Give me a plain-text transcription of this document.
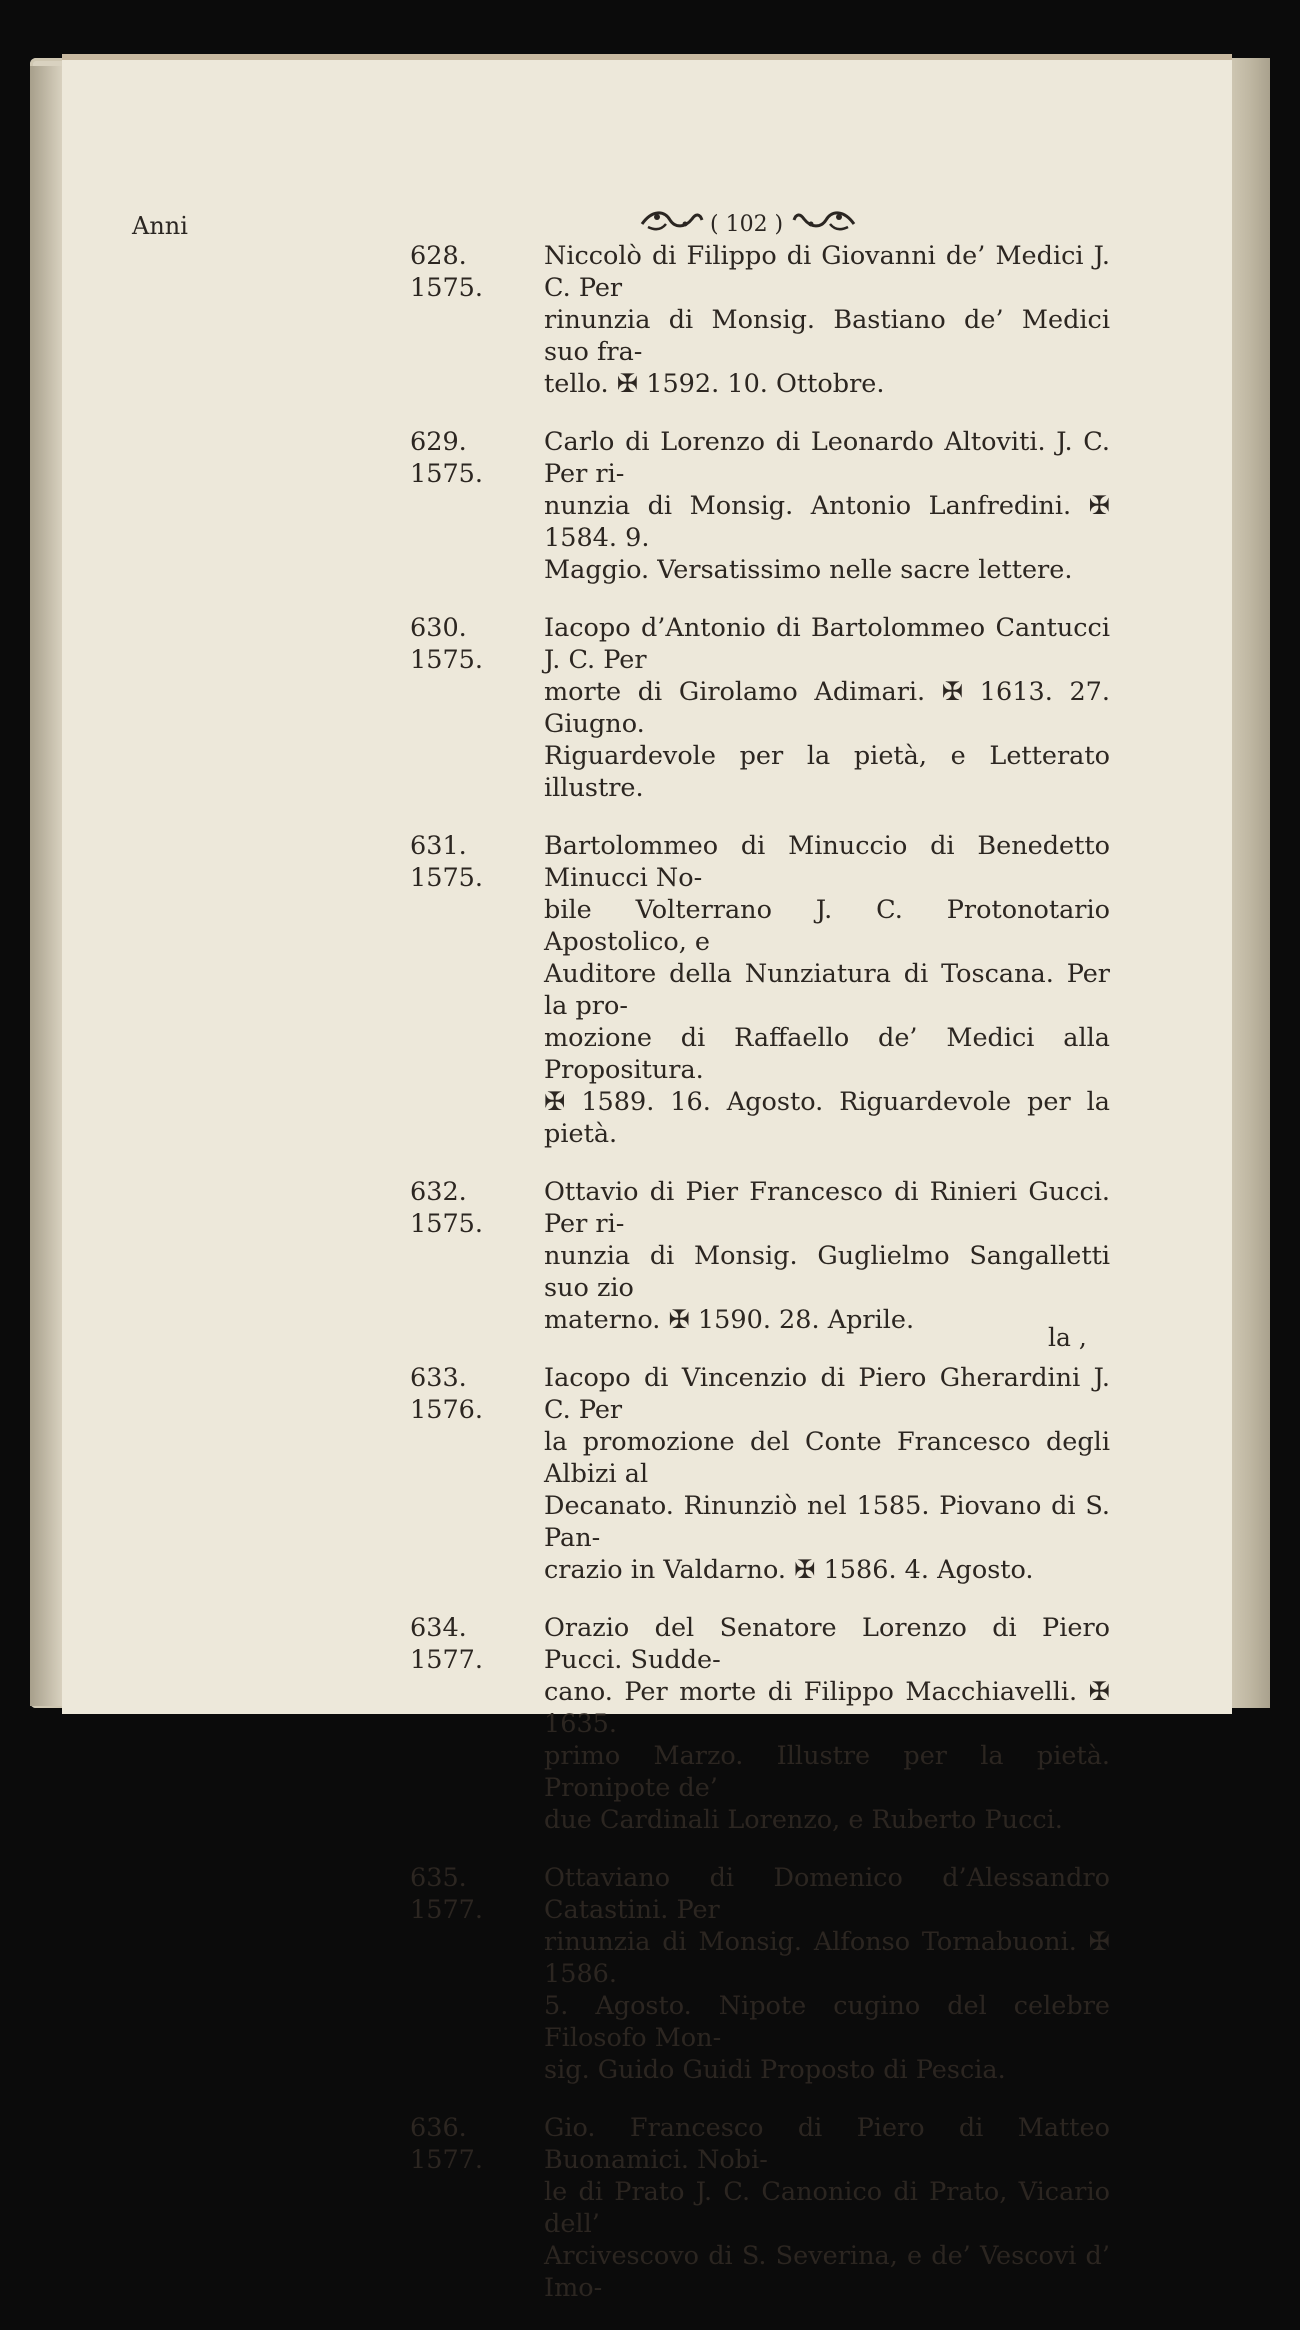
Anni	( 102 )
628. 1575.
Niccolò di Filippo di Giovanni de’ Medici J. C. Per
rinunzia di Monsig. Bastiano de’ Medici suo fra-
tello. ✠ 1592. 10. Ottobre.
629. 1575.
Carlo di Lorenzo di Leonardo Altoviti. J. C. Per ri-
nunzia di Monsig. Antonio Lanfredini. ✠ 1584. 9.
Maggio. Versatissimo nelle sacre lettere.
630. 1575.
Iacopo d’Antonio di Bartolommeo Cantucci J. C. Per
morte di Girolamo Adimari. ✠ 1613. 27. Giugno.
Riguardevole per la pietà, e Letterato illustre.
631. 1575.
Bartolommeo di Minuccio di Benedetto Minucci No-
bile Volterrano J. C. Protonotario Apostolico, e
Auditore della Nunziatura di Toscana. Per la pro-
mozione di Raffaello de’ Medici alla Propositura.
✠ 1589. 16. Agosto. Riguardevole per la pietà.
632. 1575.
Ottavio di Pier Francesco di Rinieri Gucci. Per ri-
nunzia di Monsig. Guglielmo Sangalletti suo zio
materno. ✠ 1590. 28. Aprile.
633. 1576.
Iacopo di Vincenzio di Piero Gherardini J. C. Per
la promozione del Conte Francesco degli Albizi al
Decanato. Rinunziò nel 1585. Piovano di S. Pan-
crazio in Valdarno. ✠ 1586. 4. Agosto.
634. 1577.
Orazio del Senatore Lorenzo di Piero Pucci. Sudde-
cano. Per morte di Filippo Macchiavelli. ✠ 1635.
primo Marzo. Illustre per la pietà. Pronipote de’
due Cardinali Lorenzo, e Ruberto Pucci.
635. 1577.
Ottaviano di Domenico d’Alessandro Catastini. Per
rinunzia di Monsig. Alfonso Tornabuoni. ✠ 1586.
5. Agosto. Nipote cugino del celebre Filosofo Mon-
sig. Guido Guidi Proposto di Pescia.
636. 1577.
Gio. Francesco di Piero di Matteo Buonamici. Nobi-
le di Prato J. C. Canonico di Prato, Vicario dell’
Arcivescovo di S. Severina, e de’ Vescovi d’ Imo-
la ,
